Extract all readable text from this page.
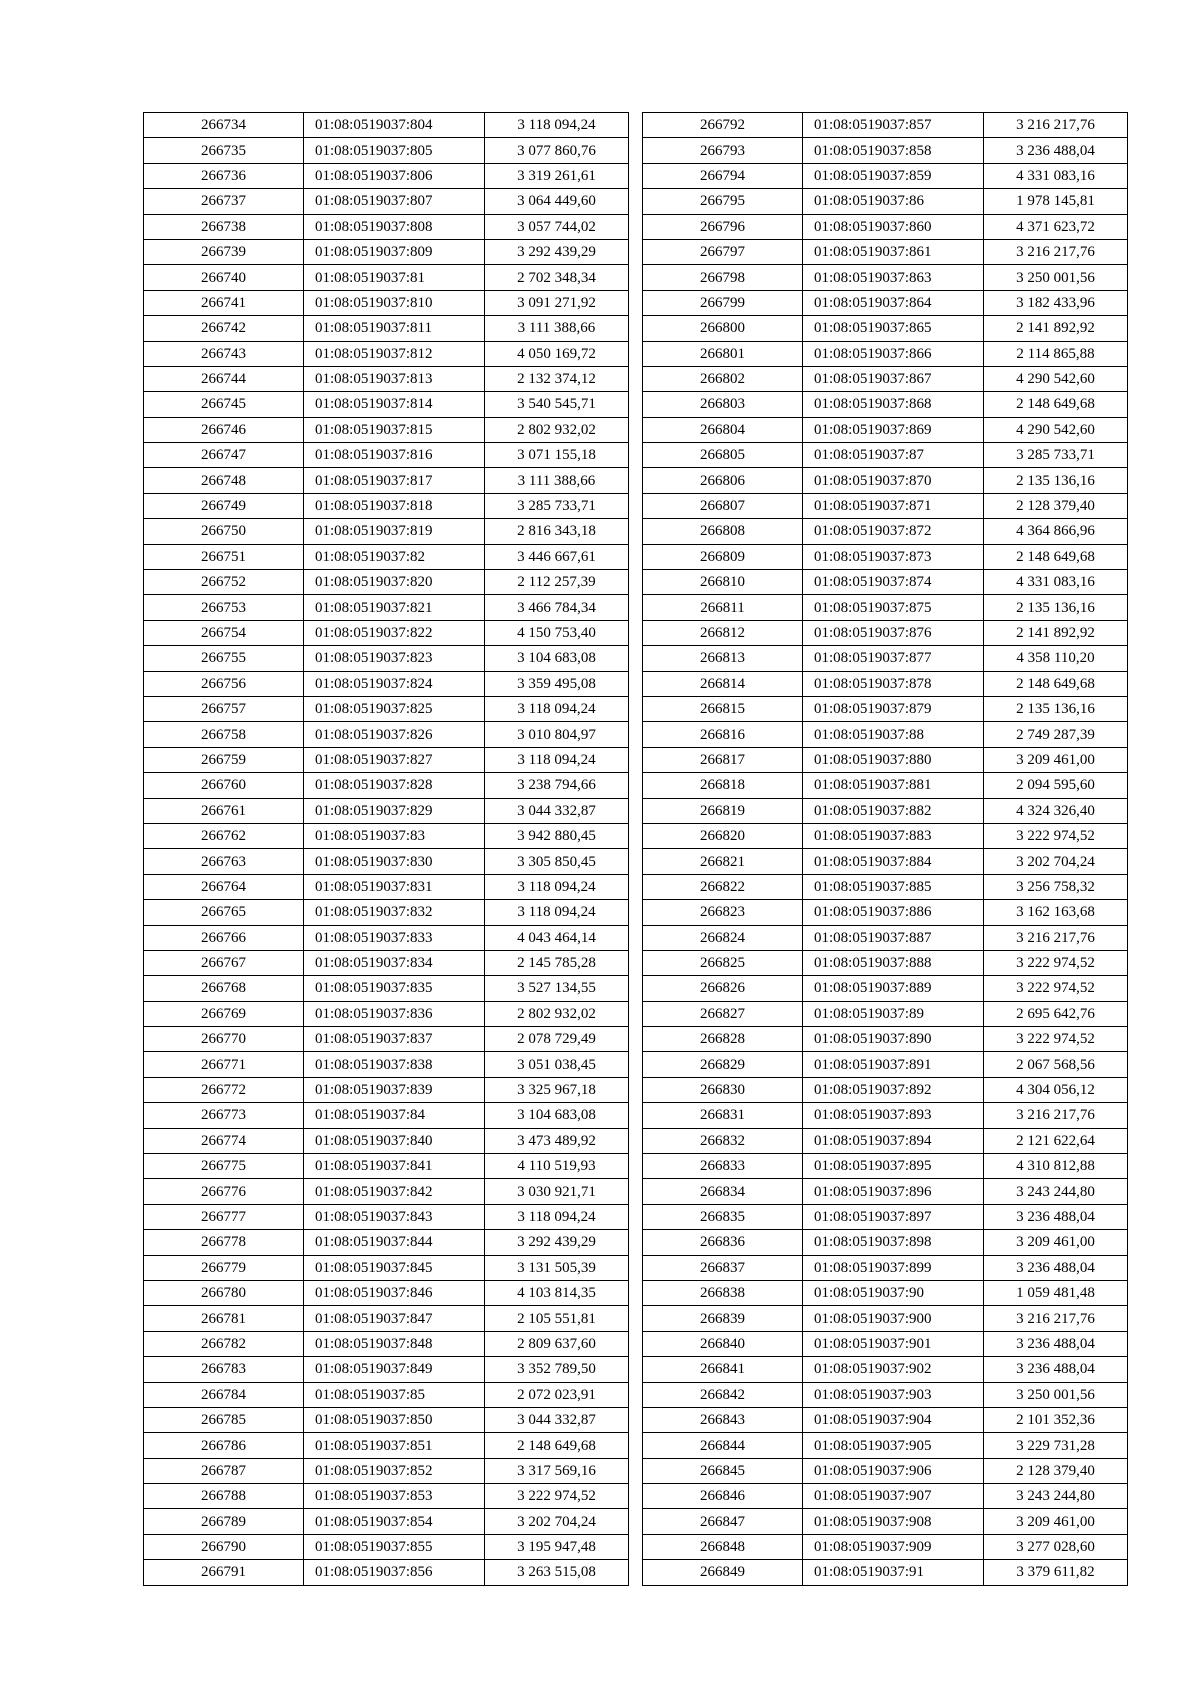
266734	01:08:0519037:804	3 118 094,24
266735	01:08:0519037:805	3 077 860,76
266736	01:08:0519037:806	3 319 261,61
266737	01:08:0519037:807	3 064 449,60
266738	01:08:0519037:808	3 057 744,02
266739	01:08:0519037:809	3 292 439,29
266740	01:08:0519037:81	2 702 348,34
266741	01:08:0519037:810	3 091 271,92
266742	01:08:0519037:811	3 111 388,66
266743	01:08:0519037:812	4 050 169,72
266744	01:08:0519037:813	2 132 374,12
266745	01:08:0519037:814	3 540 545,71
266746	01:08:0519037:815	2 802 932,02
266747	01:08:0519037:816	3 071 155,18
266748	01:08:0519037:817	3 111 388,66
266749	01:08:0519037:818	3 285 733,71
266750	01:08:0519037:819	2 816 343,18
266751	01:08:0519037:82	3 446 667,61
266752	01:08:0519037:820	2 112 257,39
266753	01:08:0519037:821	3 466 784,34
266754	01:08:0519037:822	4 150 753,40
266755	01:08:0519037:823	3 104 683,08
266756	01:08:0519037:824	3 359 495,08
266757	01:08:0519037:825	3 118 094,24
266758	01:08:0519037:826	3 010 804,97
266759	01:08:0519037:827	3 118 094,24
266760	01:08:0519037:828	3 238 794,66
266761	01:08:0519037:829	3 044 332,87
266762	01:08:0519037:83	3 942 880,45
266763	01:08:0519037:830	3 305 850,45
266764	01:08:0519037:831	3 118 094,24
266765	01:08:0519037:832	3 118 094,24
266766	01:08:0519037:833	4 043 464,14
266767	01:08:0519037:834	2 145 785,28
266768	01:08:0519037:835	3 527 134,55
266769	01:08:0519037:836	2 802 932,02
266770	01:08:0519037:837	2 078 729,49
266771	01:08:0519037:838	3 051 038,45
266772	01:08:0519037:839	3 325 967,18
266773	01:08:0519037:84	3 104 683,08
266774	01:08:0519037:840	3 473 489,92
266775	01:08:0519037:841	4 110 519,93
266776	01:08:0519037:842	3 030 921,71
266777	01:08:0519037:843	3 118 094,24
266778	01:08:0519037:844	3 292 439,29
266779	01:08:0519037:845	3 131 505,39
266780	01:08:0519037:846	4 103 814,35
266781	01:08:0519037:847	2 105 551,81
266782	01:08:0519037:848	2 809 637,60
266783	01:08:0519037:849	3 352 789,50
266784	01:08:0519037:85	2 072 023,91
266785	01:08:0519037:850	3 044 332,87
266786	01:08:0519037:851	2 148 649,68
266787	01:08:0519037:852	3 317 569,16
266788	01:08:0519037:853	3 222 974,52
266789	01:08:0519037:854	3 202 704,24
266790	01:08:0519037:855	3 195 947,48
266791	01:08:0519037:856	3 263 515,08
266792	01:08:0519037:857	3 216 217,76
266793	01:08:0519037:858	3 236 488,04
266794	01:08:0519037:859	4 331 083,16
266795	01:08:0519037:86	1 978 145,81
266796	01:08:0519037:860	4 371 623,72
266797	01:08:0519037:861	3 216 217,76
266798	01:08:0519037:863	3 250 001,56
266799	01:08:0519037:864	3 182 433,96
266800	01:08:0519037:865	2 141 892,92
266801	01:08:0519037:866	2 114 865,88
266802	01:08:0519037:867	4 290 542,60
266803	01:08:0519037:868	2 148 649,68
266804	01:08:0519037:869	4 290 542,60
266805	01:08:0519037:87	3 285 733,71
266806	01:08:0519037:870	2 135 136,16
266807	01:08:0519037:871	2 128 379,40
266808	01:08:0519037:872	4 364 866,96
266809	01:08:0519037:873	2 148 649,68
266810	01:08:0519037:874	4 331 083,16
266811	01:08:0519037:875	2 135 136,16
266812	01:08:0519037:876	2 141 892,92
266813	01:08:0519037:877	4 358 110,20
266814	01:08:0519037:878	2 148 649,68
266815	01:08:0519037:879	2 135 136,16
266816	01:08:0519037:88	2 749 287,39
266817	01:08:0519037:880	3 209 461,00
266818	01:08:0519037:881	2 094 595,60
266819	01:08:0519037:882	4 324 326,40
266820	01:08:0519037:883	3 222 974,52
266821	01:08:0519037:884	3 202 704,24
266822	01:08:0519037:885	3 256 758,32
266823	01:08:0519037:886	3 162 163,68
266824	01:08:0519037:887	3 216 217,76
266825	01:08:0519037:888	3 222 974,52
266826	01:08:0519037:889	3 222 974,52
266827	01:08:0519037:89	2 695 642,76
266828	01:08:0519037:890	3 222 974,52
266829	01:08:0519037:891	2 067 568,56
266830	01:08:0519037:892	4 304 056,12
266831	01:08:0519037:893	3 216 217,76
266832	01:08:0519037:894	2 121 622,64
266833	01:08:0519037:895	4 310 812,88
266834	01:08:0519037:896	3 243 244,80
266835	01:08:0519037:897	3 236 488,04
266836	01:08:0519037:898	3 209 461,00
266837	01:08:0519037:899	3 236 488,04
266838	01:08:0519037:90	1 059 481,48
266839	01:08:0519037:900	3 216 217,76
266840	01:08:0519037:901	3 236 488,04
266841	01:08:0519037:902	3 236 488,04
266842	01:08:0519037:903	3 250 001,56
266843	01:08:0519037:904	2 101 352,36
266844	01:08:0519037:905	3 229 731,28
266845	01:08:0519037:906	2 128 379,40
266846	01:08:0519037:907	3 243 244,80
266847	01:08:0519037:908	3 209 461,00
266848	01:08:0519037:909	3 277 028,60
266849	01:08:0519037:91	3 379 611,82
